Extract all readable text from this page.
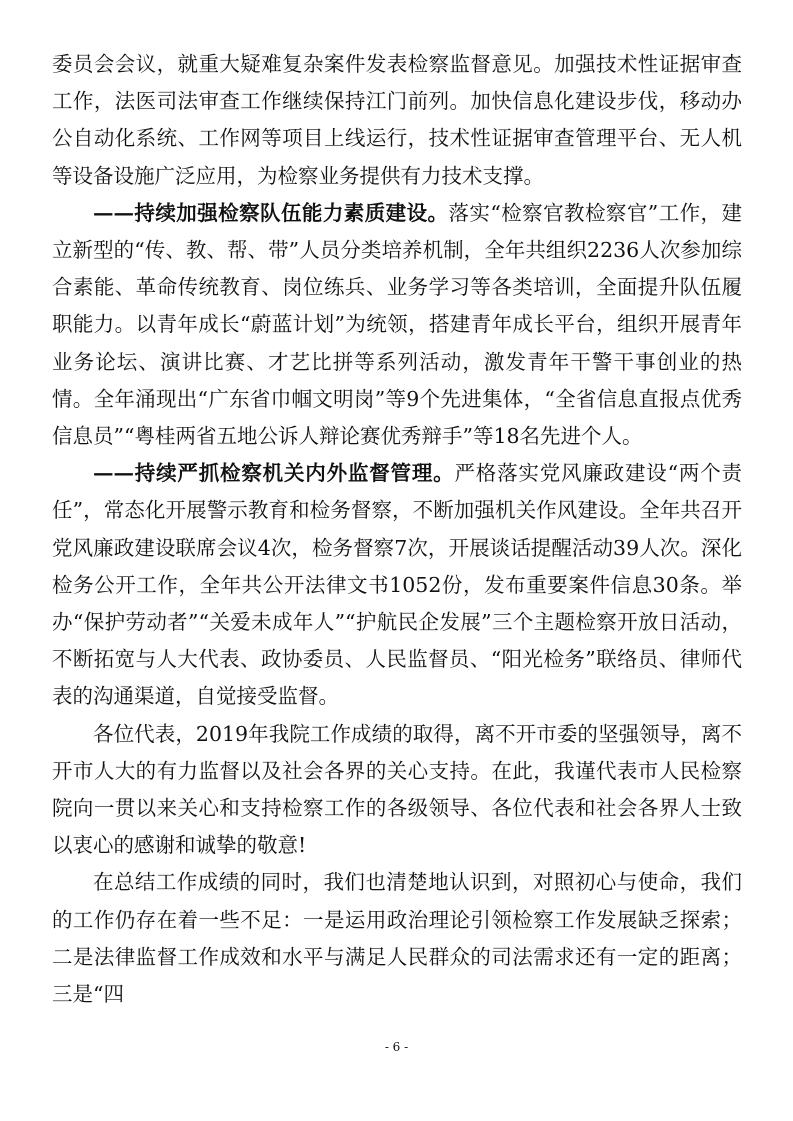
委员会会议，就重大疑难复杂案件发表检察监督意见。加强技术性证据审查工作，法医司法审查工作继续保持江门前列。加快信息化建设步伐，移动办公自动化系统、工作网等项目上线运行，技术性证据审查管理平台、无人机等设备设施广泛应用，为检察业务提供有力技术支撑。

——持续加强检察队伍能力素质建设。落实“检察官教检察官”工作，建立新型的“传、教、帮、带”人员分类培养机制，全年共组织2236人次参加综合素能、革命传统教育、岗位练兵、业务学习等各类培训，全面提升队伍履职能力。以青年成长“蔚蓝计划”为统领，搭建青年成长平台，组织开展青年业务论坛、演讲比赛、才艺比拼等系列活动，激发青年干警干事创业的热情。全年涌现出“广东省巾帼文明岗”等9个先进集体，“全省信息直报点优秀信息员”“粤桂两省五地公诉人辩论赛优秀辩手”等18名先进个人。

——持续严抓检察机关内外监督管理。严格落实党风廉政建设“两个责任”，常态化开展警示教育和检务督察，不断加强机关作风建设。全年共召开党风廉政建设联席会议4次，检务督察7次，开展谈话提醒活动39人次。深化检务公开工作，全年共公开法律文书1052份，发布重要案件信息30条。举办“保护劳动者”“关爱未成年人”“护航民企发展”三个主题检察开放日活动，不断拓宽与人大代表、政协委员、人民监督员、“阳光检务”联络员、律师代表的沟通渠道，自觉接受监督。

各位代表，2019年我院工作成绩的取得，离不开市委的坚强领导，离不开市人大的有力监督以及社会各界的关心支持。在此，我谨代表市人民检察院向一贯以来关心和支持检察工作的各级领导、各位代表和社会各界人士致以衷心的感谢和诚挚的敬意!

在总结工作成绩的同时，我们也清楚地认识到，对照初心与使命，我们的工作仍存在着一些不足：一是运用政治理论引领检察工作发展缺乏探索；二是法律监督工作成效和水平与满足人民群众的司法需求还有一定的距离；三是“四

- 6 -
